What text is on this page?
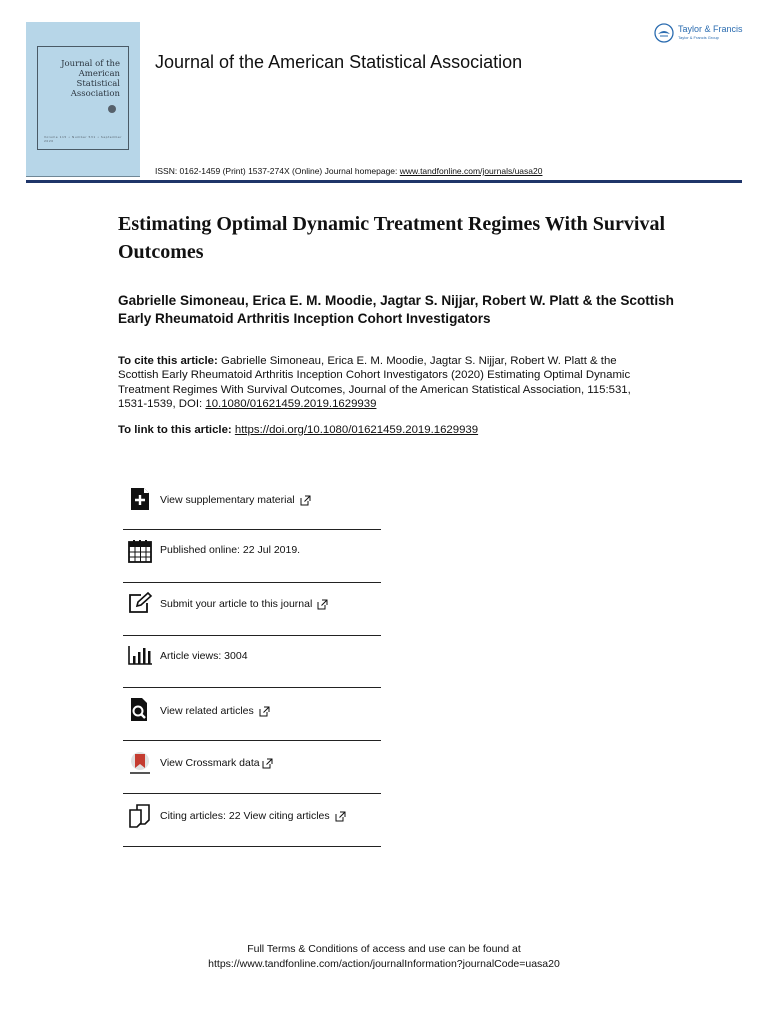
Journal of the American Statistical Association
Volume 115 • Number 531 • September 2020
Journal of the American Statistical Association
Taylor & Francis
Taylor & Francis Group
ISSN: 0162-1459 (Print) 1537-274X (Online) Journal homepage: www.tandfonline.com/journals/uasa20
Estimating Optimal Dynamic Treatment Regimes With Survival Outcomes
Gabrielle Simoneau, Erica E. M. Moodie, Jagtar S. Nijjar, Robert W. Platt & the Scottish Early Rheumatoid Arthritis Inception Cohort Investigators
To cite this article: Gabrielle Simoneau, Erica E. M. Moodie, Jagtar S. Nijjar, Robert W. Platt & the Scottish Early Rheumatoid Arthritis Inception Cohort Investigators (2020) Estimating Optimal Dynamic Treatment Regimes With Survival Outcomes, Journal of the American Statistical Association, 115:531, 1531-1539, DOI: 10.1080/01621459.2019.1629939
To link to this article: https://doi.org/10.1080/01621459.2019.1629939
View supplementary material
Published online: 22 Jul 2019.
Submit your article to this journal
Article views: 3004
View related articles
View Crossmark data
Citing articles: 22 View citing articles
Full Terms & Conditions of access and use can be found at
https://www.tandfonline.com/action/journalInformation?journalCode=uasa20
